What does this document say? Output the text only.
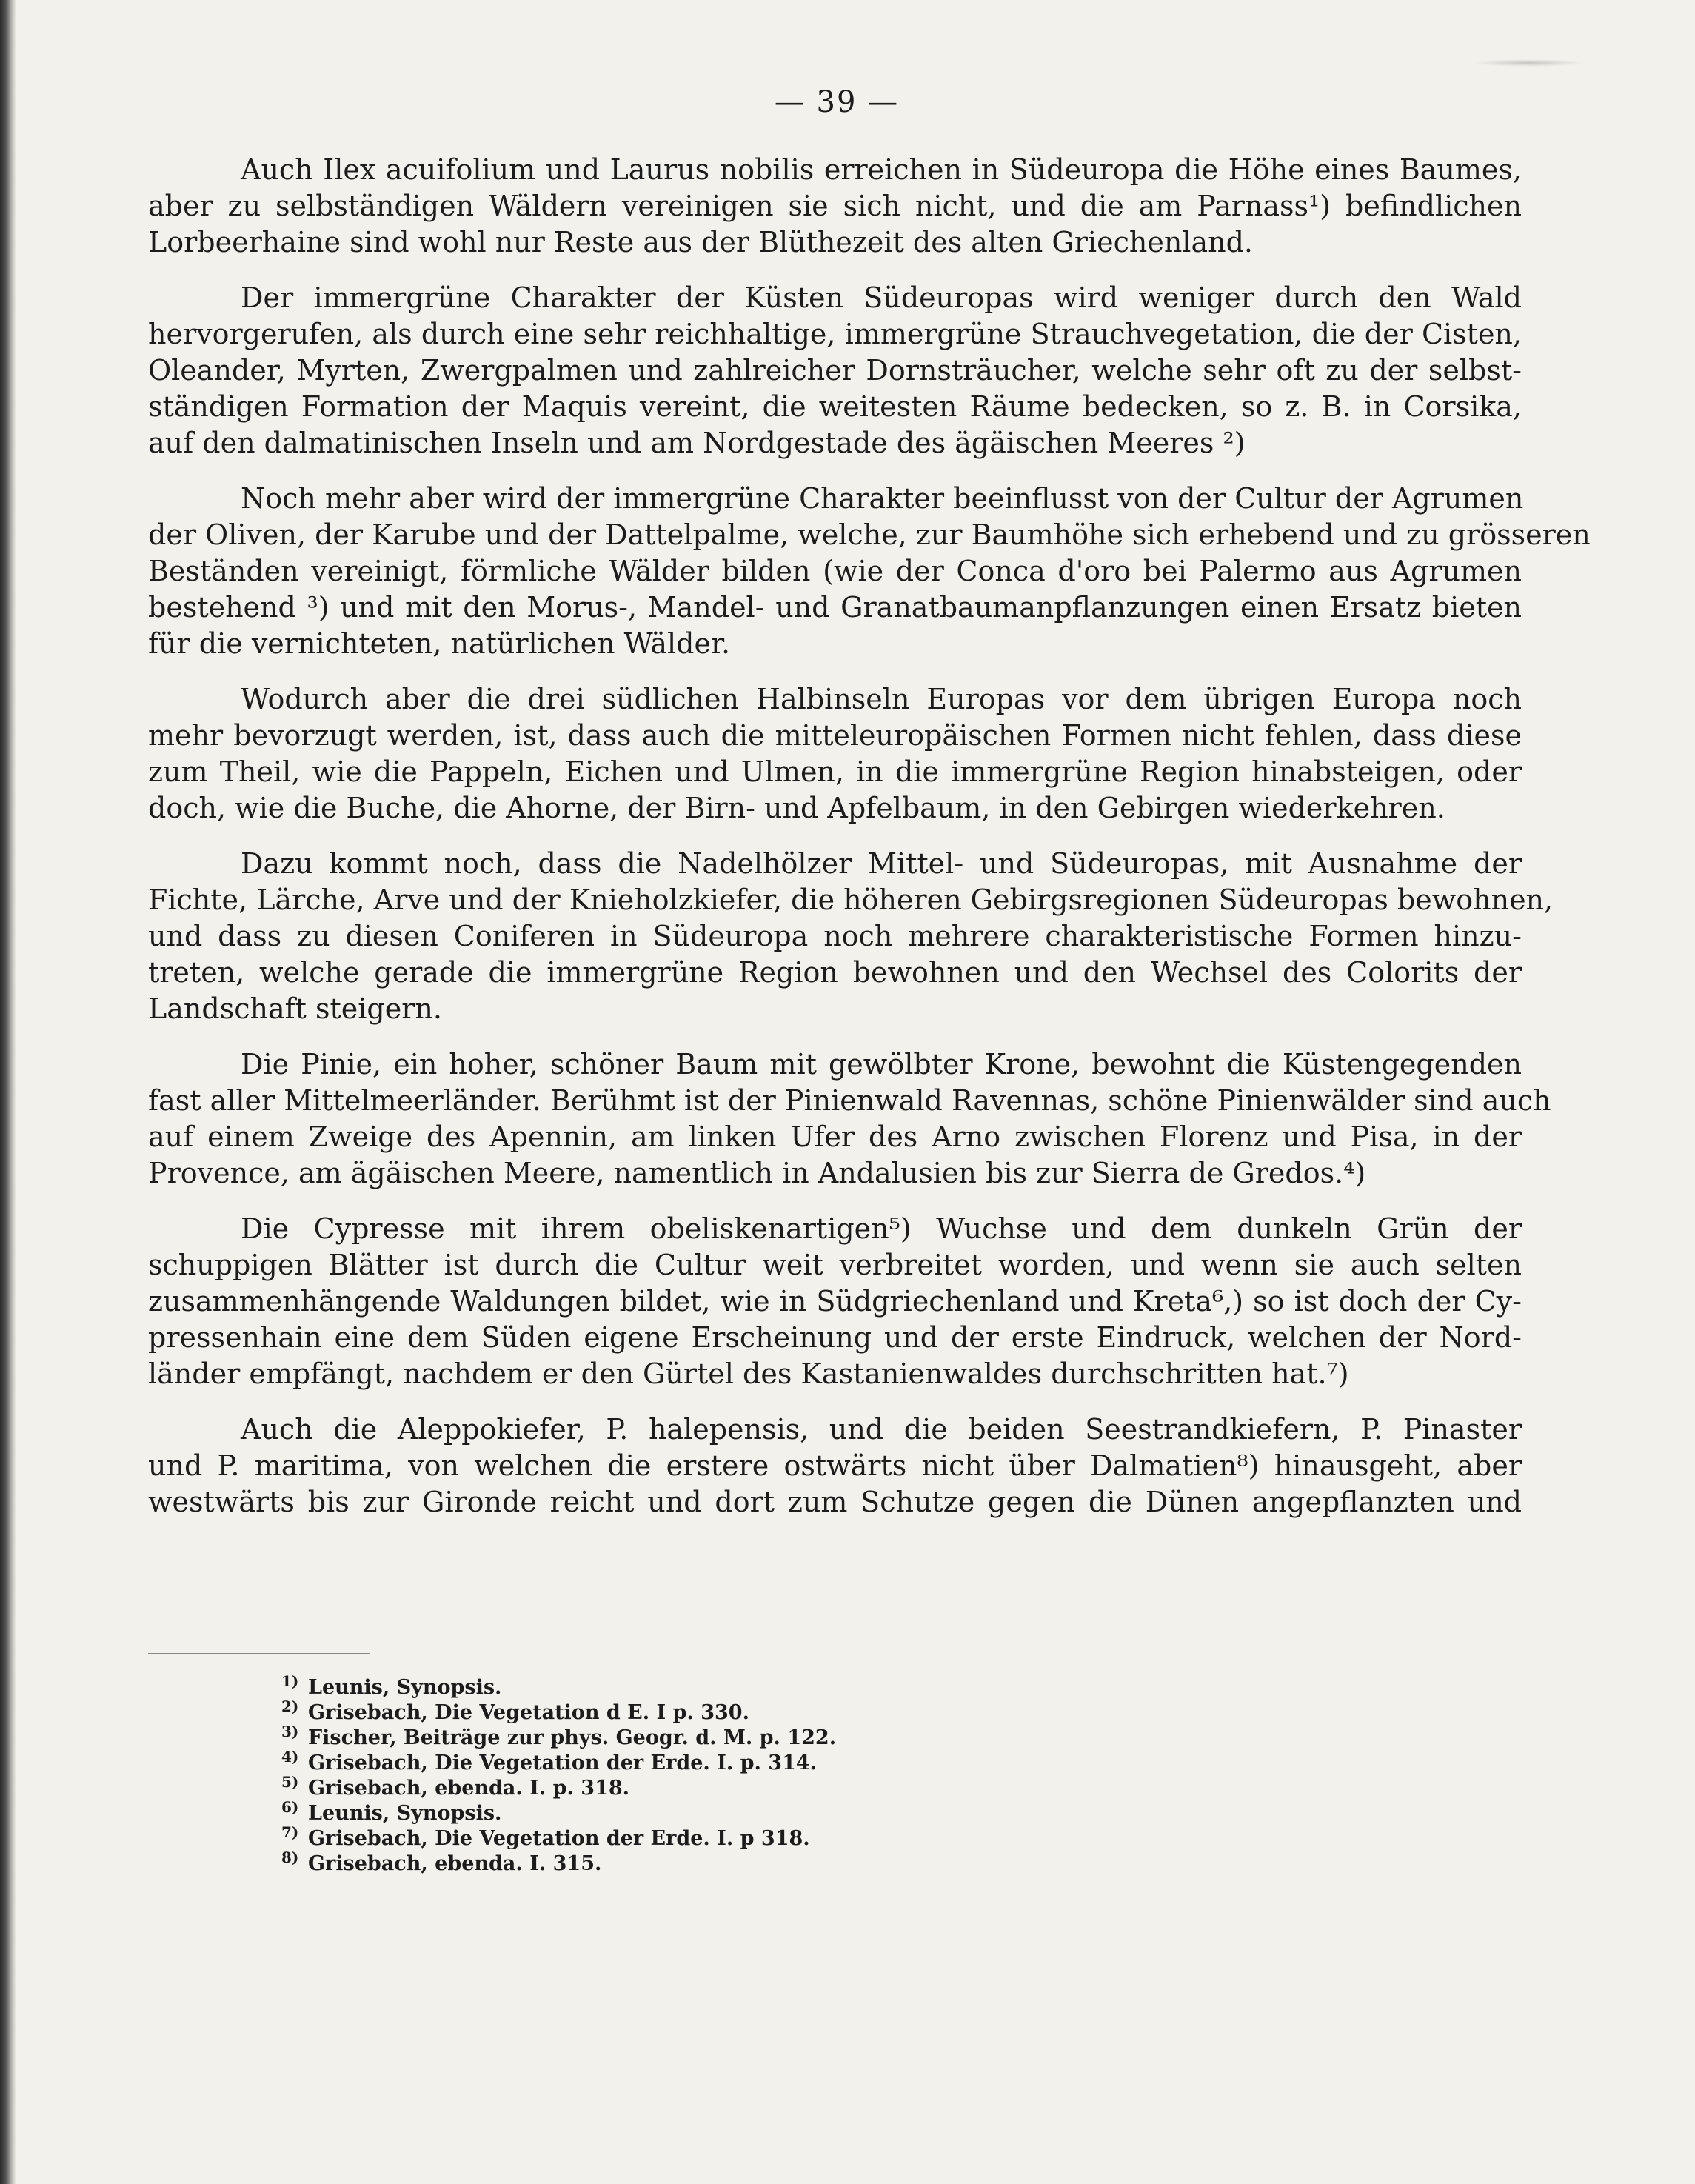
— 39 —
Auch Ilex acuifolium und Laurus nobilis erreichen in Südeuropa die Höhe eines Baumes,
aber zu selbständigen Wäldern vereinigen sie sich nicht, und die am Parnass¹) befindlichen
Lorbeerhaine sind wohl nur Reste aus der Blüthezeit des alten Griechenland.
Der immergrüne Charakter der Küsten Südeuropas wird weniger durch den Wald
hervorgerufen, als durch eine sehr reichhaltige, immergrüne Strauchvegetation, die der Cisten,
Oleander, Myrten, Zwergpalmen und zahlreicher Dornsträucher, welche sehr oft zu der selbst-
ständigen Formation der Maquis vereint, die weitesten Räume bedecken, so z. B. in Corsika,
auf den dalmatinischen Inseln und am Nordgestade des ägäischen Meeres ²)
Noch mehr aber wird der immergrüne Charakter beeinflusst von der Cultur der Agrumen
der Oliven, der Karube und der Dattelpalme, welche, zur Baumhöhe sich erhebend und zu grösseren
Beständen vereinigt, förmliche Wälder bilden (wie der Conca d'oro bei Palermo aus Agrumen
bestehend ³) und mit den Morus-, Mandel- und Granatbaumanpflanzungen einen Ersatz bieten
für die vernichteten, natürlichen Wälder.
Wodurch aber die drei südlichen Halbinseln Europas vor dem übrigen Europa noch
mehr bevorzugt werden, ist, dass auch die mitteleuropäischen Formen nicht fehlen, dass diese
zum Theil, wie die Pappeln, Eichen und Ulmen, in die immergrüne Region hinabsteigen, oder
doch, wie die Buche, die Ahorne, der Birn- und Apfelbaum, in den Gebirgen wiederkehren.
Dazu kommt noch, dass die Nadelhölzer Mittel- und Südeuropas, mit Ausnahme der
Fichte, Lärche, Arve und der Knieholzkiefer, die höheren Gebirgsregionen Südeuropas bewohnen,
und dass zu diesen Coniferen in Südeuropa noch mehrere charakteristische Formen hinzu-
treten, welche gerade die immergrüne Region bewohnen und den Wechsel des Colorits der
Landschaft steigern.
Die Pinie, ein hoher, schöner Baum mit gewölbter Krone, bewohnt die Küstengegenden
fast aller Mittelmeerländer. Berühmt ist der Pinienwald Ravennas, schöne Pinienwälder sind auch
auf einem Zweige des Apennin, am linken Ufer des Arno zwischen Florenz und Pisa, in der
Provence, am ägäischen Meere, namentlich in Andalusien bis zur Sierra de Gredos.⁴)
Die Cypresse mit ihrem obeliskenartigen⁵) Wuchse und dem dunkeln Grün der
schuppigen Blätter ist durch die Cultur weit verbreitet worden, und wenn sie auch selten
zusammenhängende Waldungen bildet, wie in Südgriechenland und Kreta⁶,) so ist doch der Cy-
pressenhain eine dem Süden eigene Erscheinung und der erste Eindruck, welchen der Nord-
länder empfängt, nachdem er den Gürtel des Kastanienwaldes durchschritten hat.⁷)
Auch die Aleppokiefer, P. halepensis, und die beiden Seestrandkiefern, P. Pinaster
und P. maritima, von welchen die erstere ostwärts nicht über Dalmatien⁸) hinausgeht, aber
westwärts bis zur Gironde reicht und dort zum Schutze gegen die Dünen angepflanzten und
1) Leunis, Synopsis.
2) Grisebach, Die Vegetation d E. I p. 330.
3) Fischer, Beiträge zur phys. Geogr. d. M. p. 122.
4) Grisebach, Die Vegetation der Erde. I. p. 314.
5) Grisebach, ebenda. I. p. 318.
6) Leunis, Synopsis.
7) Grisebach, Die Vegetation der Erde. I. p 318.
8) Grisebach, ebenda. I. 315.
